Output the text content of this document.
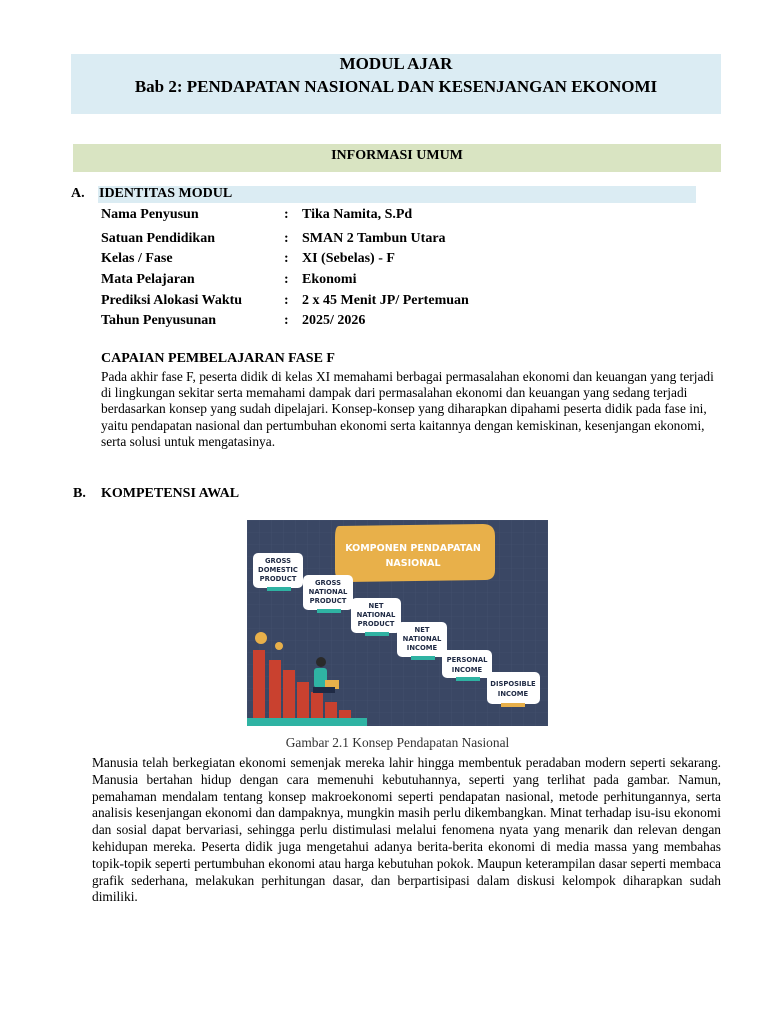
MODUL AJAR
Bab 2: PENDAPATAN NASIONAL DAN KESENJANGAN EKONOMI
INFORMASI UMUM
A. IDENTITAS MODUL
Nama Penyusun	: Tika Namita, S.Pd
Satuan Pendidikan	: SMAN 2 Tambun Utara
Kelas / Fase	: XI (Sebelas) - F
Mata Pelajaran	: Ekonomi
Prediksi Alokasi Waktu	: 2 x 45 Menit JP/ Pertemuan
Tahun Penyusunan	: 2025/ 2026
CAPAIAN PEMBELAJARAN FASE F
Pada akhir fase F, peserta didik di kelas XI memahami berbagai permasalahan ekonomi dan keuangan yang terjadi di lingkungan sekitar serta memahami dampak dari permasalahan ekonomi dan keuangan yang sedang terjadi berdasarkan konsep yang sudah dipelajari. Konsep-konsep yang diharapkan dipahami peserta didik pada fase ini, yaitu pendapatan nasional dan pertumbuhan ekonomi serta kaitannya dengan kemiskinan, kesenjangan ekonomi, serta solusi untuk mengatasinya.
B. KOMPETENSI AWAL
KOMPONEN PENDAPATAN
NASIONAL
GROSS
DOMESTIC
PRODUCT	GROSS
NATIONAL
PRODUCT
NET
NATIONAL
PRODUCT
NET
NATIONAL
INCOME
PERSONAL
INCOME
DISPOSIBLE
INCOME
Gambar 2.1 Konsep Pendapatan Nasional
Manusia telah berkegiatan ekonomi semenjak mereka lahir hingga membentuk peradaban modern seperti sekarang. Manusia bertahan hidup dengan cara memenuhi kebutuhannya, seperti yang terlihat pada gambar. Namun, pemahaman mendalam tentang konsep makroekonomi seperti pendapatan nasional, metode perhitungannya, serta analisis kesenjangan ekonomi dan dampaknya, mungkin masih perlu dikembangkan. Minat terhadap isu-isu ekonomi dan sosial dapat bervariasi, sehingga perlu distimulasi melalui fenomena nyata yang menarik dan relevan dengan kehidupan mereka. Peserta didik juga mengetahui adanya berita-berita ekonomi di media massa yang membahas topik-topik seperti pertumbuhan ekonomi atau harga kebutuhan pokok. Maupun keterampilan dasar seperti membaca grafik sederhana, melakukan perhitungan dasar, dan berpartisipasi dalam diskusi kelompok diharapkan sudah dimiliki.
